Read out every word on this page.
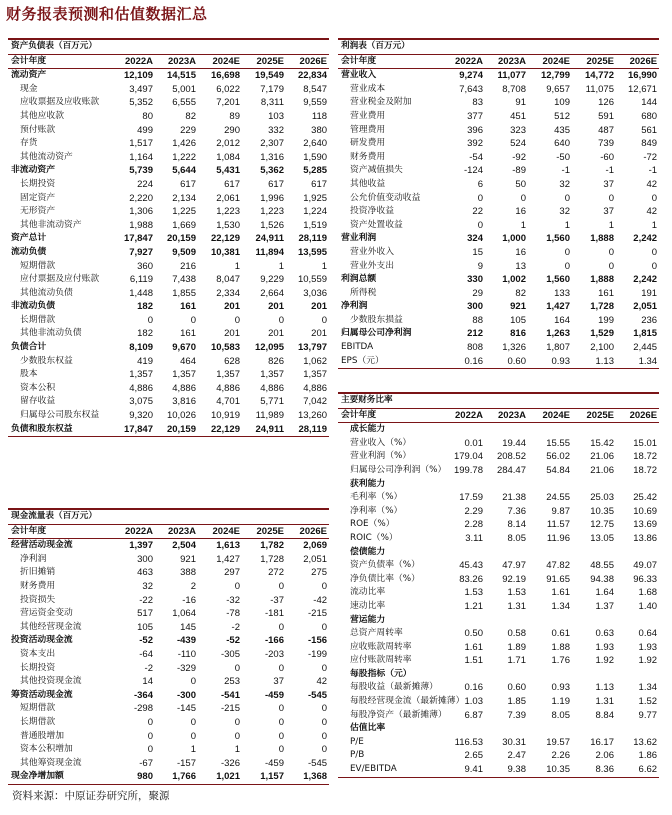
财务报表预测和估值数据汇总
资产负债表（百万元）					
会计年度	2022A	2023A	2024E	2025E	2026E
流动资产	12,109	14,515	16,698	19,549	22,834
现金	3,497	5,001	6,022	7,179	8,547
应收票据及应收账款	5,352	6,555	7,201	8,311	9,559
其他应收款	80	82	89	103	118
预付账款	499	229	290	332	380
存货	1,517	1,426	2,012	2,307	2,640
其他流动资产	1,164	1,222	1,084	1,316	1,590
非流动资产	5,739	5,644	5,431	5,362	5,285
长期投资	224	617	617	617	617
固定资产	2,220	2,134	2,061	1,996	1,925
无形资产	1,306	1,225	1,223	1,223	1,224
其他非流动资产	1,988	1,669	1,530	1,526	1,519
资产总计	17,847	20,159	22,129	24,911	28,119
流动负债	7,927	9,509	10,381	11,894	13,595
短期借款	360	216	1	1	1
应付票据及应付账款	6,119	7,438	8,047	9,229	10,559
其他流动负债	1,448	1,855	2,334	2,664	3,036
非流动负债	182	161	201	201	201
长期借款	0	0	0	0	0
其他非流动负债	182	161	201	201	201
负债合计	8,109	9,670	10,583	12,095	13,797
少数股东权益	419	464	628	826	1,062
股本	1,357	1,357	1,357	1,357	1,357
资本公积	4,886	4,886	4,886	4,886	4,886
留存收益	3,075	3,816	4,701	5,771	7,042
归属母公司股东权益	9,320	10,026	10,919	11,989	13,260
负债和股东权益	17,847	20,159	22,129	24,911	28,119
利润表（百万元）					
会计年度	2022A	2023A	2024E	2025E	2026E
营业收入	9,274	11,077	12,799	14,772	16,990
营业成本	7,643	8,708	9,657	11,075	12,671
营业税金及附加	83	91	109	126	144
营业费用	377	451	512	591	680
管理费用	396	323	435	487	561
研发费用	392	524	640	739	849
财务费用	-54	-92	-50	-60	-72
资产减值损失	-124	-89	-1	-1	-1
其他收益	6	50	32	37	42
公允价值变动收益	0	0	0	0	0
投资净收益	22	16	32	37	42
资产处置收益	0	1	1	1	1
营业利润	324	1,000	1,560	1,888	2,242
营业外收入	15	16	0	0	0
营业外支出	9	13	0	0	0
利润总额	330	1,002	1,560	1,888	2,242
所得税	29	82	133	161	191
净利润	300	921	1,427	1,728	2,051
少数股东损益	88	105	164	199	236
归属母公司净利润	212	816	1,263	1,529	1,815
EBITDA	808	1,326	1,807	2,100	2,445
EPS（元）	0.16	0.60	0.93	1.13	1.34
主要财务比率					
会计年度	2022A	2023A	2024E	2025E	2026E
成长能力					
营业收入（%）	0.01	19.44	15.55	15.42	15.01
营业利润（%）	179.04	208.52	56.02	21.06	18.72
归属母公司净利润（%）	199.78	284.47	54.84	21.06	18.72
获利能力					
毛利率（%）	17.59	21.38	24.55	25.03	25.42
净利率（%）	2.29	7.36	9.87	10.35	10.69
ROE（%）	2.28	8.14	11.57	12.75	13.69
ROIC（%）	3.11	8.05	11.96	13.05	13.86
偿债能力					
资产负债率（%）	45.43	47.97	47.82	48.55	49.07
净负债比率（%）	83.26	92.19	91.65	94.38	96.33
流动比率	1.53	1.53	1.61	1.64	1.68
速动比率	1.21	1.31	1.34	1.37	1.40
营运能力					
总资产周转率	0.50	0.58	0.61	0.63	0.64
应收账款周转率	1.61	1.89	1.88	1.93	1.93
应付账款周转率	1.51	1.71	1.76	1.92	1.92
每股指标（元）					
每股收益（最新摊薄）	0.16	0.60	0.93	1.13	1.34
每股经营现金流（最新摊薄）	1.03	1.85	1.19	1.31	1.52
每股净资产（最新摊薄）	6.87	7.39	8.05	8.84	9.77
估值比率					
P/E	116.53	30.31	19.57	16.17	13.62
P/B	2.65	2.47	2.26	2.06	1.86
EV/EBITDA	9.41	9.38	10.35	8.36	6.62
现金流量表（百万元）					
会计年度	2022A	2023A	2024E	2025E	2026E
经营活动现金流	1,397	2,504	1,613	1,782	2,069
净利润	300	921	1,427	1,728	2,051
折旧摊销	463	388	297	272	275
财务费用	32	2	0	0	0
投资损失	-22	-16	-32	-37	-42
营运资金变动	517	1,064	-78	-181	-215
其他经营现金流	105	145	-2	0	0
投资活动现金流	-52	-439	-52	-166	-156
资本支出	-64	-110	-305	-203	-199
长期投资	-2	-329	0	0	0
其他投资现金流	14	0	253	37	42
筹资活动现金流	-364	-300	-541	-459	-545
短期借款	-298	-145	-215	0	0
长期借款	0	0	0	0	0
普通股增加	0	0	0	0	0
资本公积增加	0	1	1	0	0
其他筹资现金流	-67	-157	-326	-459	-545
现金净增加额	980	1,766	1,021	1,157	1,368
资料来源：中原证券研究所，聚源
